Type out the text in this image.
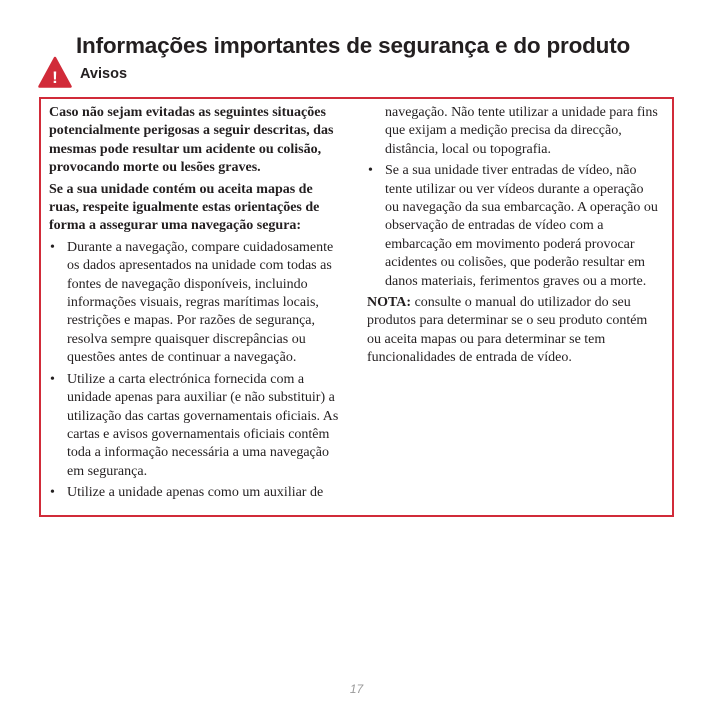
Informações importantes de segurança e do produto
! Avisos

Caso não sejam evitadas as seguintes situações potencialmente perigosas a seguir descritas, das mesmas pode resultar um acidente ou colisão, provocando morte ou lesões graves.

Se a sua unidade contém ou aceita mapas de ruas, respeite igualmente estas orientações de forma a assegurar uma navegação segura:

• Durante a navegação, compare cuidadosamente os dados apresentados na unidade com todas as fontes de navegação disponíveis, incluindo informações visuais, regras marítimas locais, restrições e mapas. Por razões de segurança, resolva sempre quaisquer discrepâncias ou questões antes de continuar a navegação.
• Utilize a carta electrónica fornecida com a unidade apenas para auxiliar (e não substituir) a utilização das cartas governamentais oficiais. As cartas e avisos governamentais oficiais contêm toda a informação necessária a uma navegação em segurança.
• Utilize a unidade apenas como um auxiliar de

navegação. Não tente utilizar a unidade para fins que exijam a medição precisa da direcção, distância, local ou topografia.

• Se a sua unidade tiver entradas de vídeo, não tente utilizar ou ver vídeos durante a operação ou navegação da sua embarcação. A operação ou observação de entradas de vídeo com a embarcação em movimento poderá provocar acidentes ou colisões, que poderão resultar em danos materiais, ferimentos graves ou a morte.

NOTA: consulte o manual do utilizador do seu produtos para determinar se o seu produto contém ou aceita mapas ou para determinar se tem funcionalidades de entrada de vídeo.

17
